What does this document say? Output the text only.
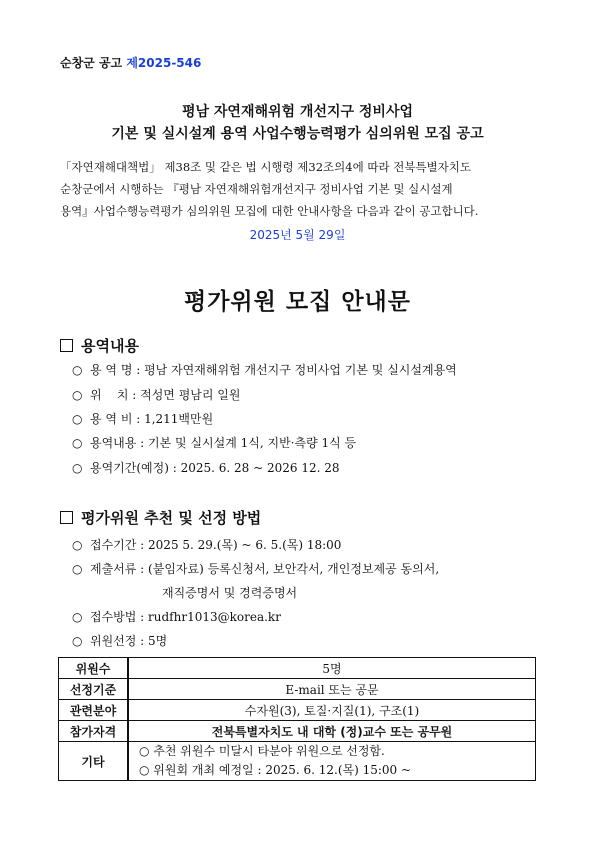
순창군 공고 제2025-546
평남 자연재해위험 개선지구 정비사업
기본 및 실시설계 용역 사업수행능력평가 심의위원 모집 공고
「자연재해대책법」 제38조 및 같은 법 시행령 제32조의4에 따라 전북특별자치도
순창군에서 시행하는 『평남 자연재해위험개선지구 정비사업 기본 및 실시설계
용역』사업수행능력평가 심의위원 모집에 대한 안내사항을 다음과 같이 공고합니다.
2025년 5월 29일
평가위원 모집 안내문
용역내용
○ 용 역 명 : 평남 자연재해위험 개선지구 정비사업 기본 및 실시설계용역
○ 위    치 : 적성면 평남리 일원
○ 용 역 비 : 1,211백만원
○ 용역내용 : 기본 및 실시설계 1식, 지반·측량 1식 등
○ 용역기간(예정) : 2025. 6. 28 ~ 2026 12. 28
평가위원 추천 및 선정 방법
○ 접수기간 : 2025 5. 29.(목) ~ 6. 5.(목) 18:00
○ 제출서류 : (붙임자료) 등록신청서, 보안각서, 개인정보제공 동의서,
재직증명서 및 경력증명서
○ 접수방법 : rudfhr1013@korea.kr
○ 위원선정 : 5명
위원수	5명
선정기준	E-mail 또는 공문
관련분야	수자원(3), 토질·지질(1), 구조(1)
참가자격	전북특별자치도 내 대학 (정)교수 또는 공무원
기타	○ 추천 위원수 미달시 타분야 위원으로 선정함.
○ 위원회 개최 예정일 : 2025. 6. 12.(목) 15:00 ~
